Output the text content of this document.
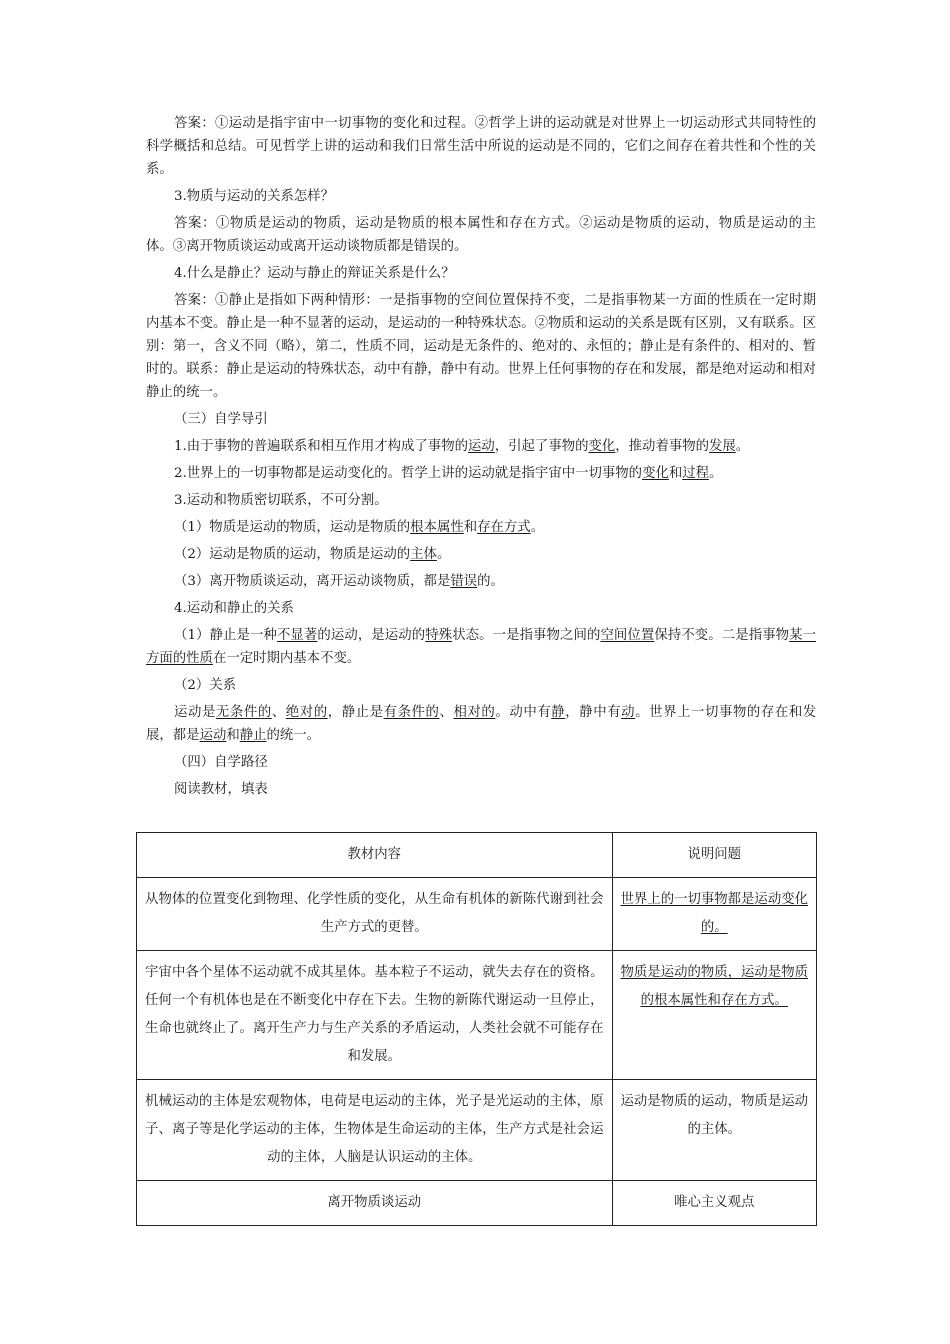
答案：①运动是指宇宙中一切事物的变化和过程。②哲学上讲的运动就是对世界上一切运动形式共同特性的科学概括和总结。可见哲学上讲的运动和我们日常生活中所说的运动是不同的，它们之间存在着共性和个性的关系。

3.物质与运动的关系怎样？

答案：①物质是运动的物质，运动是物质的根本属性和存在方式。②运动是物质的运动，物质是运动的主体。③离开物质谈运动或离开运动谈物质都是错误的。

4.什么是静止？运动与静止的辩证关系是什么？

答案：①静止是指如下两种情形：一是指事物的空间位置保持不变，二是指事物某一方面的性质在一定时期内基本不变。静止是一种不显著的运动，是运动的一种特殊状态。②物质和运动的关系是既有区别，又有联系。区别：第一，含义不同（略），第二，性质不同，运动是无条件的、绝对的、永恒的；静止是有条件的、相对的、暂时的。联系：静止是运动的特殊状态，动中有静，静中有动。世界上任何事物的存在和发展，都是绝对运动和相对静止的统一。

（三）自学导引

1.由于事物的普遍联系和相互作用才构成了事物的运动，引起了事物的变化，推动着事物的发展。

2.世界上的一切事物都是运动变化的。哲学上讲的运动就是指宇宙中一切事物的变化和过程。

3.运动和物质密切联系，不可分割。

（1）物质是运动的物质，运动是物质的根本属性和存在方式。

（2）运动是物质的运动，物质是运动的主体。

（3）离开物质谈运动，离开运动谈物质，都是错误的。

4.运动和静止的关系

（1）静止是一种不显著的运动，是运动的特殊状态。一是指事物之间的空间位置保持不变。二是指事物某一方面的性质在一定时期内基本不变。

（2）关系

运动是无条件的、绝对的，静止是有条件的、相对的。动中有静，静中有动。世界上一切事物的存在和发展，都是运动和静止的统一。

（四）自学路径

阅读教材，填表

教材内容	说明问题
从物体的位置变化到物理、化学性质的变化，从生命有机体的新陈代谢到社会生产方式的更替。	世界上的一切事物都是运动变化的。
宇宙中各个星体不运动就不成其星体。基本粒子不运动，就失去存在的资格。任何一个有机体也是在不断变化中存在下去。生物的新陈代谢运动一旦停止，生命也就终止了。离开生产力与生产关系的矛盾运动，人类社会就不可能存在和发展。	物质是运动的物质，运动是物质的根本属性和存在方式。
机械运动的主体是宏观物体，电荷是电运动的主体，光子是光运动的主体，原子、离子等是化学运动的主体，生物体是生命运动的主体，生产方式是社会运动的主体，人脑是认识运动的主体。	运动是物质的运动，物质是运动的主体。
离开物质谈运动	唯心主义观点
